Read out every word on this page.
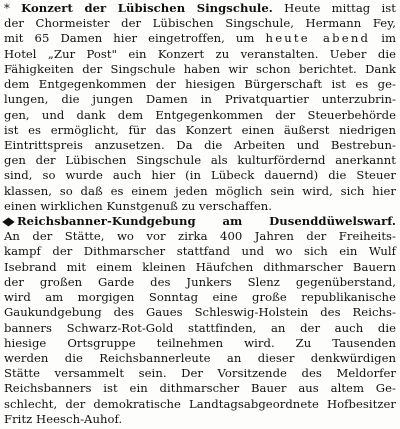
* Konzert der Lübischen Singschule. Heute mittag ist
der Chormeister der Lübischen Singschule, Hermann Fey,
mit 65 Damen hier eingetroffen, um heute abend im
Hotel „Zur Post" ein Konzert zu veranstalten. Ueber die
Fähigkeiten der Singschule haben wir schon berichtet. Dank
dem Entgegenkommen der hiesigen Bürgerschaft ist es ge-
lungen, die jungen Damen in Privatquartier unterzubrin-
gen, und dank dem Entgegenkommen der Steuerbehörde
ist es ermöglicht, für das Konzert einen äußerst niedrigen
Eintrittspreis anzusetzen. Da die Arbeiten und Bestrebun-
gen der Lübischen Singschule als kulturfördernd anerkannt
sind, so wurde auch hier (in Lübeck dauernd) die Steuer
klassen, so daß es einem jeden möglich sein wird, sich hier
einen wirklichen Kunstgenuß zu verschaffen.
◆ Reichsbanner-Kundgebung am Dusenddüwelswarf.
An der Stätte, wo vor zirka 400 Jahren der Freiheits-
kampf der Dithmarscher stattfand und wo sich ein Wulf
Isebrand mit einem kleinen Häufchen dithmarscher Bauern
der großen Garde des Junkers Slenz gegenüberstand,
wird am morgigen Sonntag eine große republikanische
Gaukundgebung des Gaues Schleswig-Holstein des Reichs-
banners Schwarz-Rot-Gold stattfinden, an der auch die
hiesige Ortsgruppe teilnehmen wird. Zu Tausenden
werden die Reichsbannerleute an dieser denkwürdigen
Stätte versammelt sein. Der Vorsitzende des Meldorfer
Reichsbanners ist ein dithmarscher Bauer aus altem Ge-
schlecht, der demokratische Landtagsabgeordnete Hofbesitzer
Fritz Heesch-Auhof.
